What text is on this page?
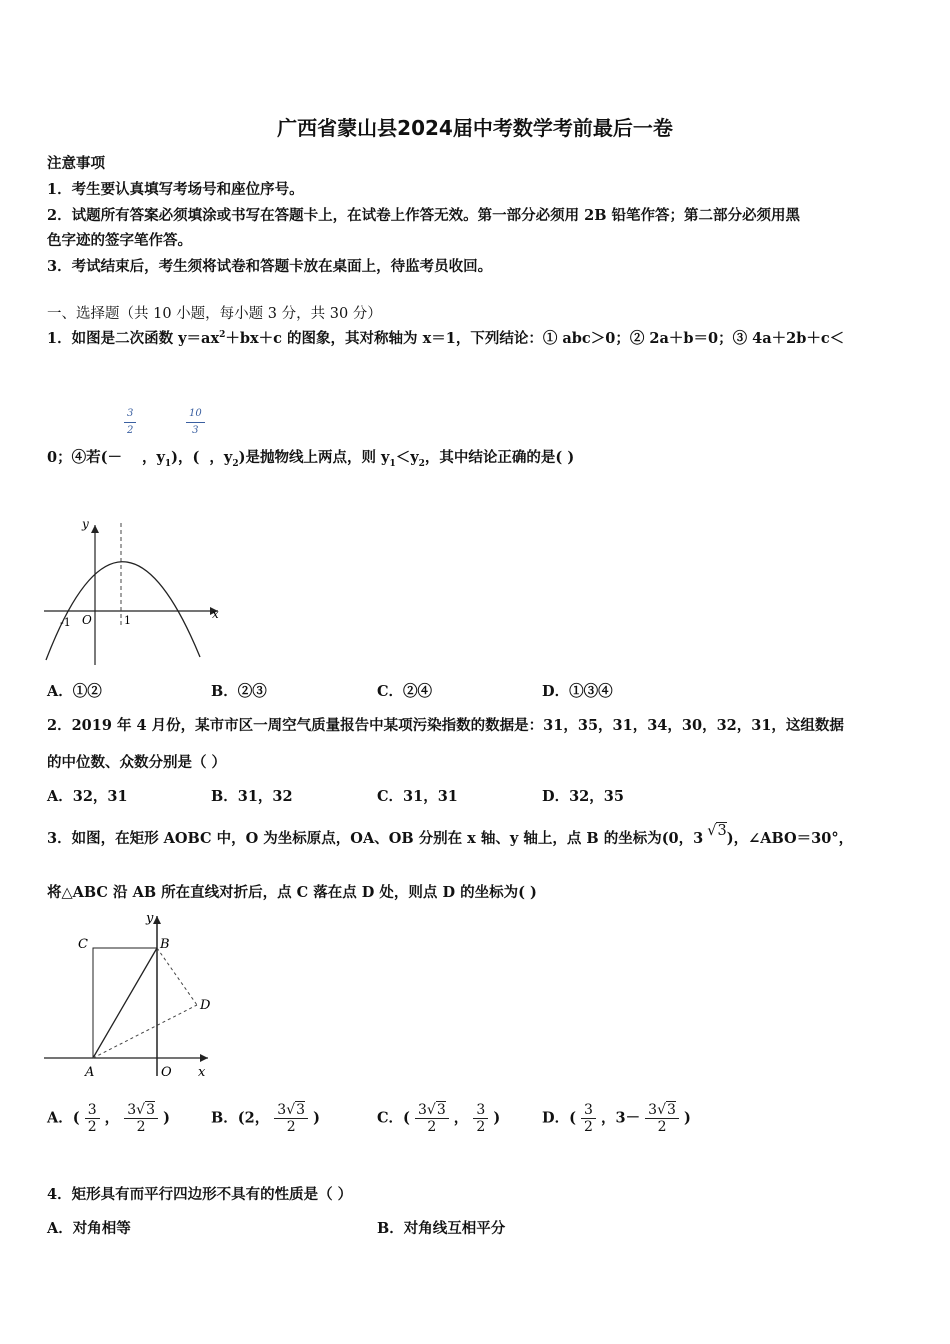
广西省蒙山县2024届中考数学考前最后一卷
注意事项
1．考生要认真填写考场号和座位序号。
2．试题所有答案必须填涂或书写在答题卡上，在试卷上作答无效。第一部分必须用 2B 铅笔作答；第二部分必须用黑
色字迹的签字笔作答。
3．考试结束后，考生须将试卷和答题卡放在桌面上，待监考员收回。
一、选择题（共 10 小题，每小题 3 分，共 30 分）
1．如图是二次函数 $y=ax^2+bx+c$ 的图象，其对称轴为 x＝1，下列结论：① abc＞0；② 2a＋b＝0；③ 4a＋2b＋c＜
$\frac{3}{2}$	$\frac{10}{3}$
0；④若(－ ，$y_1$)，( ，$y_2$)是抛物线上两点，则 $y_1<y_2$，其中结论正确的是( )
y
x
O
-1	1
A．①②	B．②③	C．②④	D．①③④
2．2019 年 4 月份，某市市区一周空气质量报告中某项污染指数的数据是：31，35，31，34，30，32，31，这组数据
的中位数、众数分别是（ ）
A．32，31	B．31，32	C．31，31	D．32，35
3．如图，在矩形 AOBC 中，O 为坐标原点，OA、OB 分别在 x 轴、y 轴上，点 B 的坐标为(0，3 √3)，∠ABO＝30°，
将△ABC 沿 AB 所在直线对折后，点 C 落在点 D 处，则点 D 的坐标为( )
C	B
D
A	O x
y
A．( $\frac{3}{2}$ ， $\frac{3√3}{2}$ )	B．(2， $\frac{3√3}{2}$ )	C．( $\frac{3√3}{2}$ ， $\frac{3}{2}$ )	D．( $\frac{3}{2}$ ，$3- \frac{3√3}{2}$ )
4．矩形具有而平行四边形不具有的性质是（ ）
A．对角相等	B．对角线互相平分
